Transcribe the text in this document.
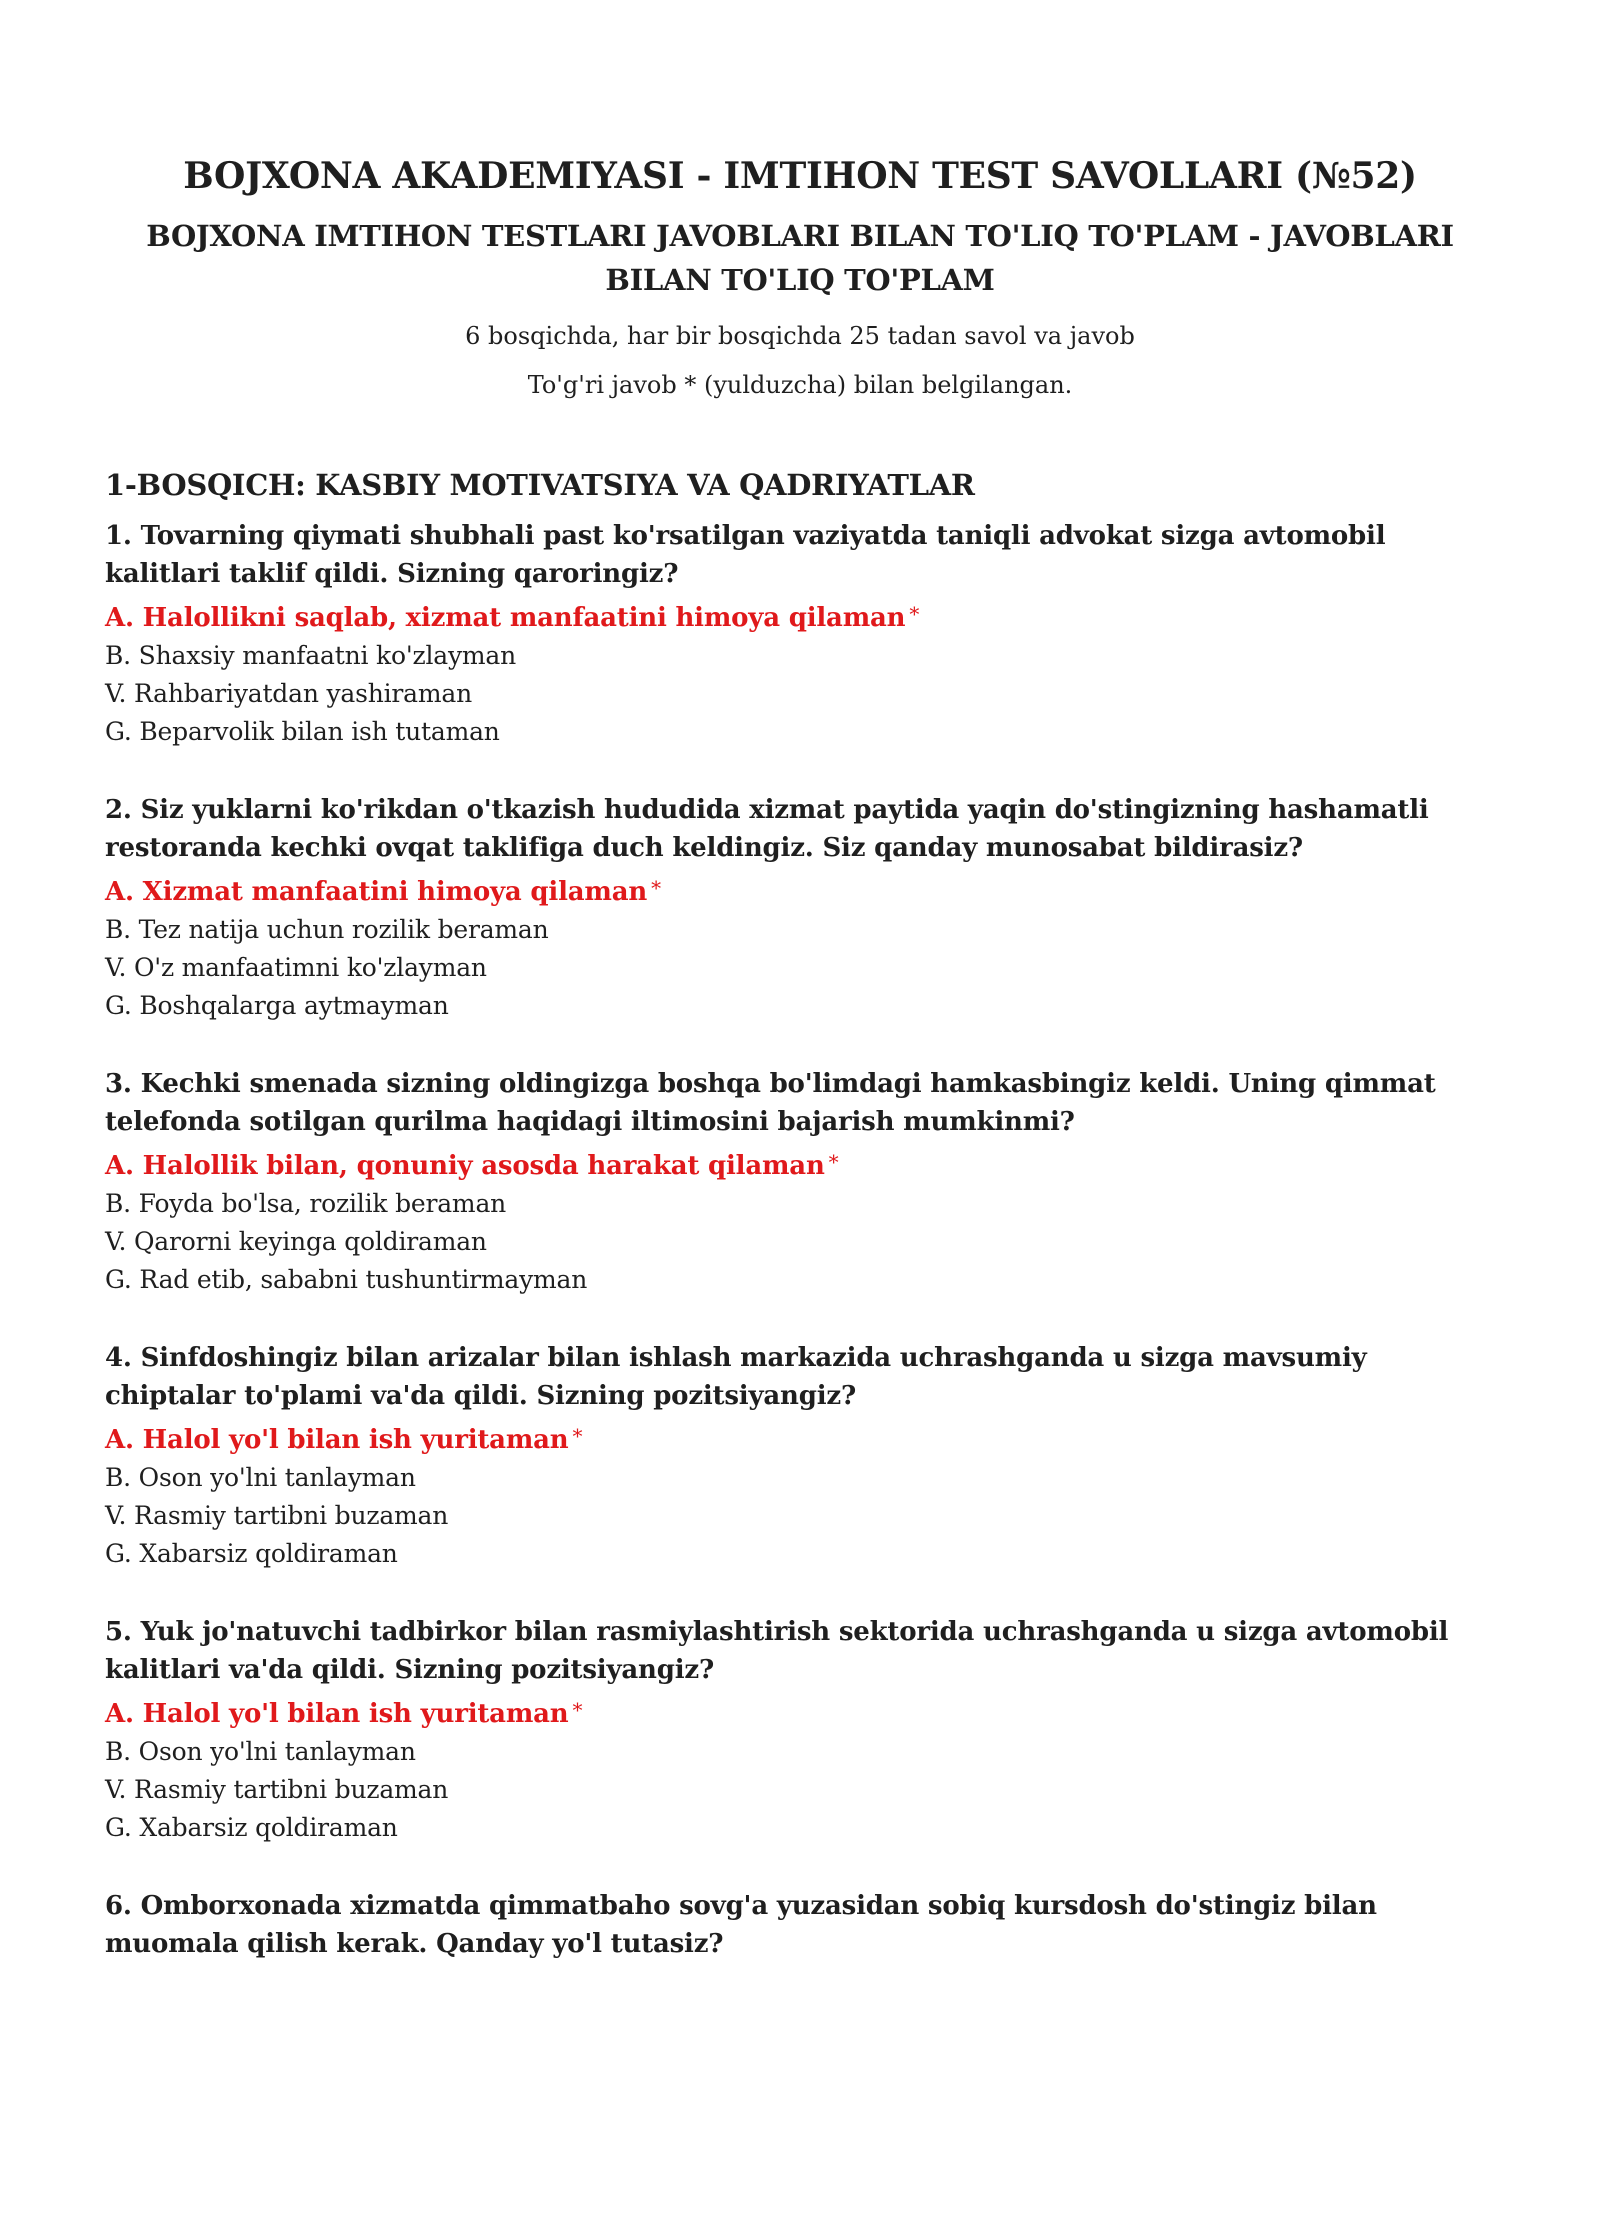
BOJXONA AKADEMIYASI - IMTIHON TEST SAVOLLARI (№52)
BOJXONA IMTIHON TESTLARI JAVOBLARI BILAN TO'LIQ TO'PLAM - JAVOBLARI BILAN TO'LIQ TO'PLAM

6 bosqichda, har bir bosqichda 25 tadan savol va javob

To'g'ri javob * (yulduzcha) bilan belgilangan.

1-BOSQICH: KASBIY MOTIVATSIYA VA QADRIYATLAR

1. Tovarning qiymati shubhali past ko'rsatilgan vaziyatda taniqli advokat sizga avtomobil kalitlari taklif qildi. Sizning qaroringiz?

A. Halollikni saqlab, xizmat manfaatini himoya qilaman *

B. Shaxsiy manfaatni ko'zlayman

V. Rahbariyatdan yashiraman

G. Beparvolik bilan ish tutaman

2. Siz yuklarni ko'rikdan o'tkazish hududida xizmat paytida yaqin do'stingizning hashamatli restoranda kechki ovqat taklifiga duch keldingiz. Siz qanday munosabat bildirasiz?

A. Xizmat manfaatini himoya qilaman *

B. Tez natija uchun rozilik beraman

V. O'z manfaatimni ko'zlayman

G. Boshqalarga aytmayman

3. Kechki smenada sizning oldingizga boshqa bo'limdagi hamkasbingiz keldi. Uning qimmat telefonda sotilgan qurilma haqidagi iltimosini bajarish mumkinmi?

A. Halollik bilan, qonuniy asosda harakat qilaman *

B. Foyda bo'lsa, rozilik beraman

V. Qarorni keyinga qoldiraman

G. Rad etib, sababni tushuntirmayman

4. Sinfdoshingiz bilan arizalar bilan ishlash markazida uchrashganda u sizga mavsumiy chiptalar to'plami va'da qildi. Sizning pozitsiyangiz?

A. Halol yo'l bilan ish yuritaman *

B. Oson yo'lni tanlayman

V. Rasmiy tartibni buzaman

G. Xabarsiz qoldiraman

5. Yuk jo'natuvchi tadbirkor bilan rasmiylashtirish sektorida uchrashganda u sizga avtomobil kalitlari va'da qildi. Sizning pozitsiyangiz?

A. Halol yo'l bilan ish yuritaman *

B. Oson yo'lni tanlayman

V. Rasmiy tartibni buzaman

G. Xabarsiz qoldiraman

6. Omborxonada xizmatda qimmatbaho sovg'a yuzasidan sobiq kursdosh do'stingiz bilan muomala qilish kerak. Qanday yo'l tutasiz?
